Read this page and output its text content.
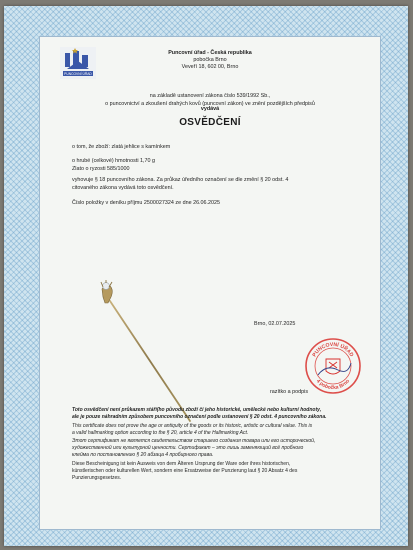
PUNCOVNÍ ÚŘAD
Puncovní úřad - Česká republika
pobočka Brno
Veveří 18, 602 00, Brno
na základě ustanovení zákona číslo 539/1992 Sb.,
o puncovnictví a zkoušení drahých kovů (puncovní zákon) ve znění pozdějších předpisů
vydává
OSVĚDČENÍ
o tom, že zboží: zlatá jehlice s kamínkem
o hrubé (celkové) hmotnosti 1,70 g
Zlato o ryzosti 585/1000
vyhovuje § 18 puncovního zákona. Za průkaz úředního označení se dle změní § 20 odst. 4
citovaného zákona vydává toto osvědčení.
Číslo položky v deníku příjmu 2500027324 ze dne 26.06.2025
Brno, 02.07.2025
PUNCOVNÍ ÚŘAD
4 pobočka Brno
razítko a podpis

Toto osvědčení není průkazem stáří(ho původu zboží či jeho historické, umělecké nebo kulturní hodnoty,
ale je pouze náhradním způsobem puncovního označení podle ustanovení § 20 odst. 4 puncovního zákona.

This certificate does not prove the age or antiquity of the goods or its historic, artistic or cultural value. This is
a valid hallmarking option according to the § 20, article 4 of the Hallmarking Act.

Этот сертификат не является свидетельством старшего создания товара или его исторической,
художественной или культурной ценности. Сертификат – это лишь заменяющий всё пробного
клейма по постановлению § 20 абзаца 4 пробирного права.

Diese Bescheinigung ist kein Ausweis von dem Älteren Ursprung der Ware oder ihres historischen,
künstlerischen oder kulturellen Wert, sondern eine Ersatzweise der Punzierung laut § 20 Absatz 4 des
Punzierungsgesetzes.
